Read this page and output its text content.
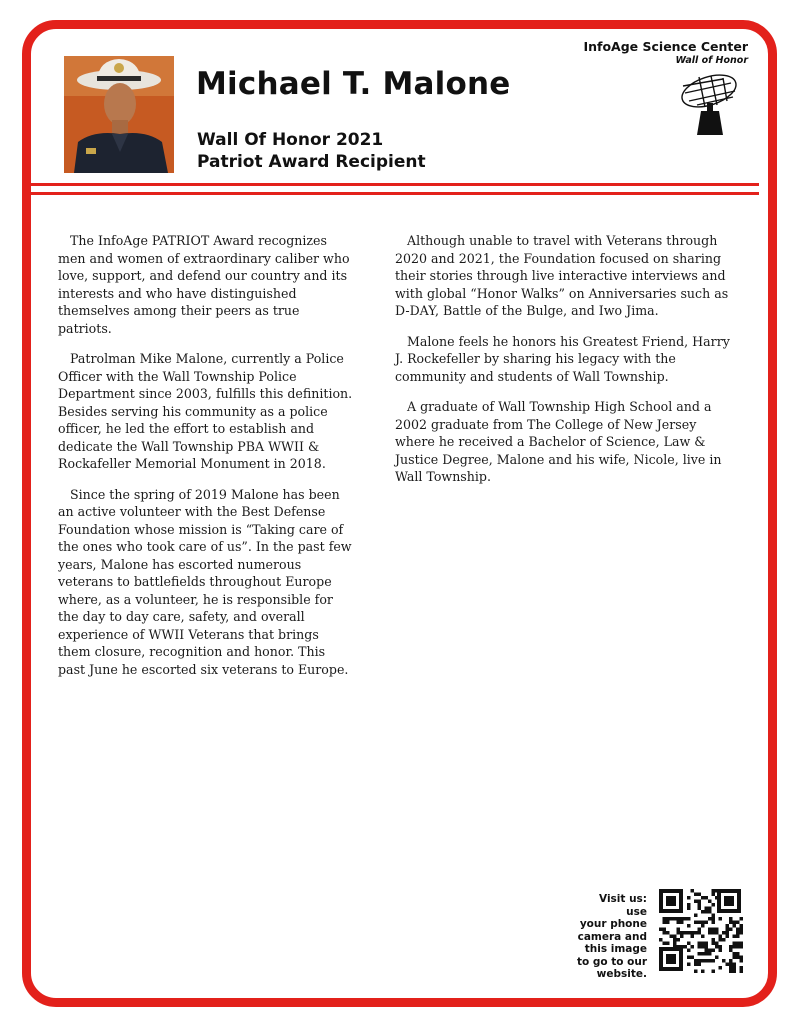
Michael T. Malone
Wall Of Honor 2021
Patriot Award Recipient
InfoAge Science Center
Wall of Honor

The InfoAge PATRIOT Award recognizes men and women of extraordinary caliber who love, support, and defend our country and its interests and who have distinguished themselves among their peers as true patriots.

Patrolman Mike Malone, currently a Police Officer with the Wall Township Police Department since 2003, fulfills this definition. Besides serving his community as a police officer, he led the effort to establish and dedicate the Wall Township PBA WWII & Rockafeller Memorial Monument in 2018.

Since the spring of 2019 Malone has been an active volunteer with the Best Defense Foundation whose mission is “Taking care of the ones who took care of us”. In the past few years, Malone has escorted numerous veterans to battlefields throughout Europe where, as a volunteer, he is responsible for the day to day care, safety, and overall experience of WWII Veterans that brings them closure, recognition and honor. This past June he escorted six veterans to Europe.

Although unable to travel with Veterans through 2020 and 2021, the Foundation focused on sharing their stories through live interactive interviews and with global “Honor Walks” on Anniversaries such as D-DAY, Battle of the Bulge, and Iwo Jima.

Malone feels he honors his Greatest Friend, Harry J. Rockefeller by sharing his legacy with the community and students of Wall Township.

A graduate of Wall Township High School and a 2002 graduate from The College of New Jersey where he received a Bachelor of Science, Law & Justice Degree, Malone and his wife, Nicole, live in Wall Township.

Visit us: use
your phone
camera and
this image
to go to our
website.
